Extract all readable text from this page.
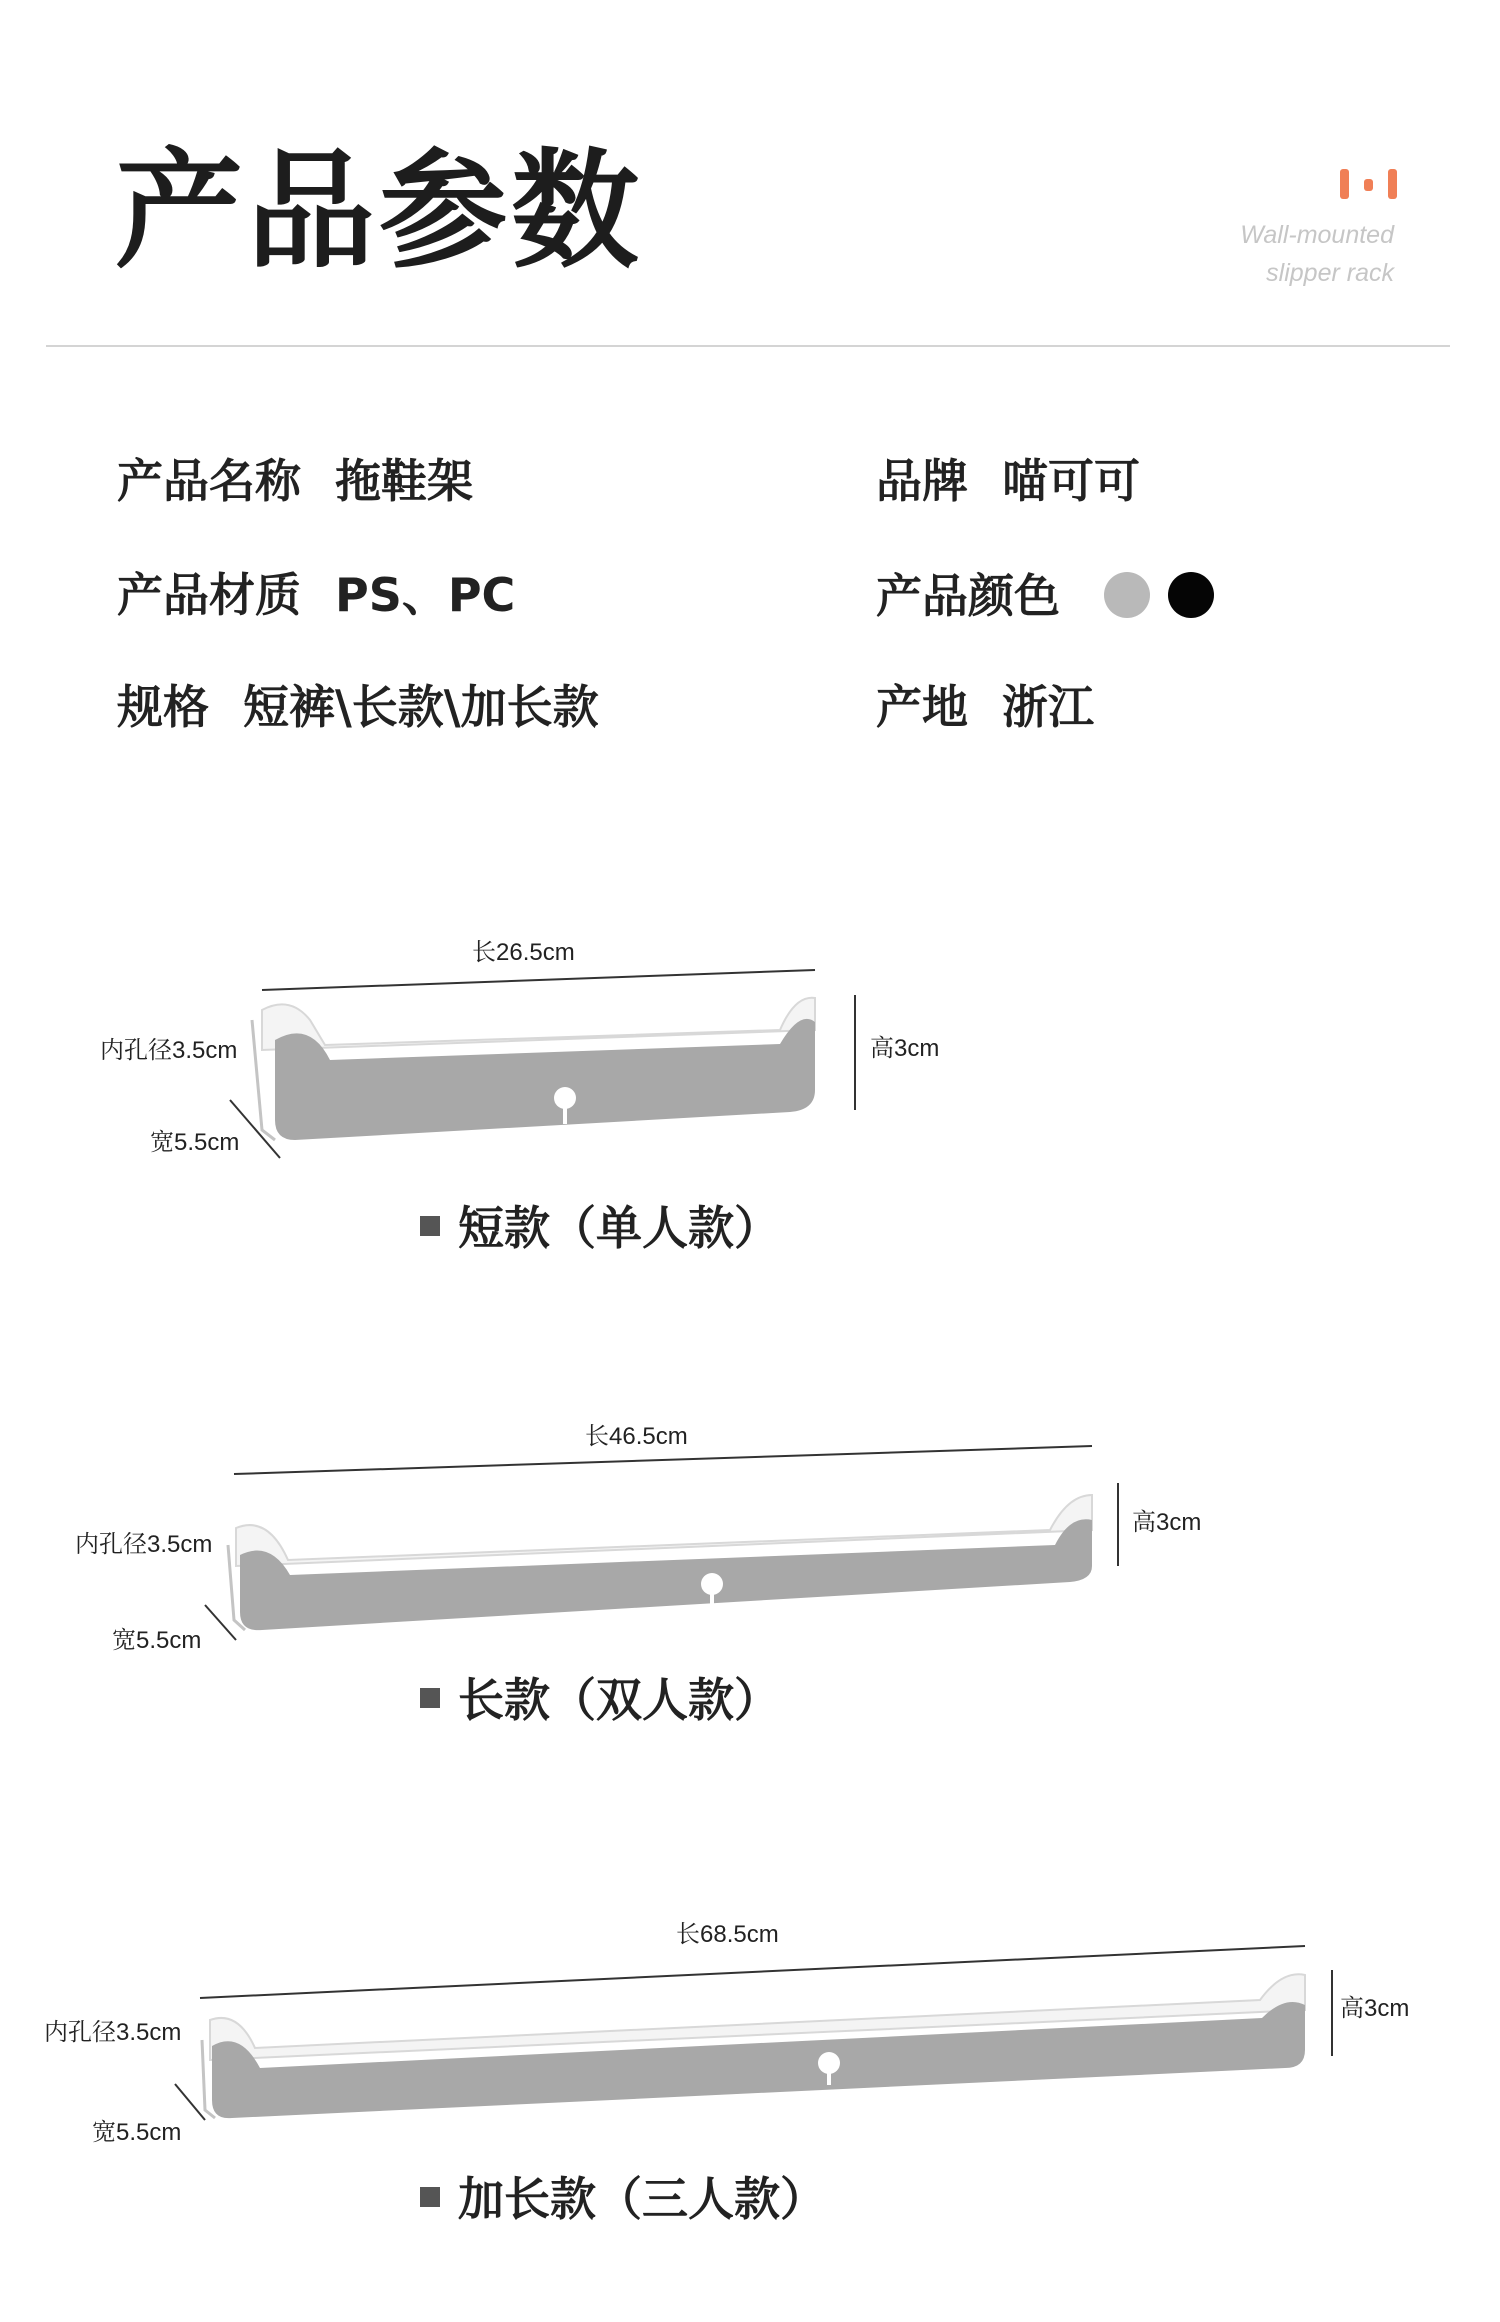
产品参数	Wall-mounted
slipper rack
产品名称 拖鞋架
产品材质 PS、PC
规格 短裤\长款\加长款
品牌 喵可可
产品颜色
产地 浙江
长26.5cm
高3cm
内孔径3.5cm
宽5.5cm
长46.5cm
高3cm
内孔径3.5cm
宽5.5cm
长68.5cm
高3cm
内孔径3.5cm
宽5.5cm
短款（单人款）
长款（双人款）
加长款（三人款）
